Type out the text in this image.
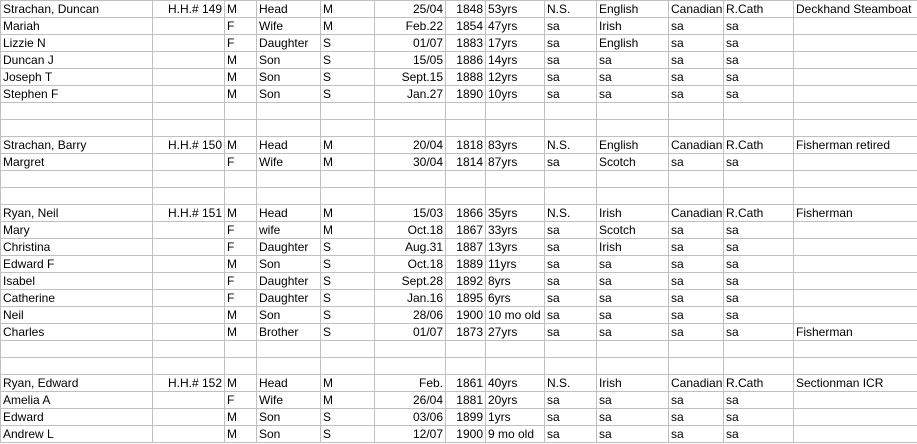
Strachan, Duncan	H.H.# 149	M	Head	M	25/04	1848	53yrs	N.S.	English	Canadian	R.Cath	Deckhand Steamboat
Mariah		F	Wife	M	Feb.22	1854	47yrs	sa	Irish	sa	sa	
Lizzie N		F	Daughter	S	01/07	1883	17yrs	sa	English	sa	sa	
Duncan J		M	Son	S	15/05	1886	14yrs	sa	sa	sa	sa	
Joseph T		M	Son	S	Sept.15	1888	12yrs	sa	sa	sa	sa	
Stephen F		M	Son	S	Jan.27	1890	10yrs	sa	sa	sa	sa	

Strachan, Barry	H.H.# 150	M	Head	M	20/04	1818	83yrs	N.S.	English	Canadian	R.Cath	Fisherman retired
Margret		F	Wife	M	30/04	1814	87yrs	sa	Scotch	sa	sa	

Ryan, Neil	H.H.# 151	M	Head	M	15/03	1866	35yrs	N.S.	Irish	Canadian	R.Cath	Fisherman
Mary		F	wife	M	Oct.18	1867	33yrs	sa	Scotch	sa	sa	
Christina		F	Daughter	S	Aug.31	1887	13yrs	sa	Irish	sa	sa	
Edward F		M	Son	S	Oct.18	1889	11yrs	sa	sa	sa	sa	
Isabel		F	Daughter	S	Sept.28	1892	8yrs	sa	sa	sa	sa	
Catherine		F	Daughter	S	Jan.16	1895	6yrs	sa	sa	sa	sa	
Neil		M	Son	S	28/06	1900	10 mo old	sa	sa	sa	sa	
Charles		M	Brother	S	01/07	1873	27yrs	sa	sa	sa	sa	Fisherman

Ryan, Edward	H.H.# 152	M	Head	M	Feb.	1861	40yrs	N.S.	Irish	Canadian	R.Cath	Sectionman ICR
Amelia A		F	Wife	M	26/04	1881	20yrs	sa	sa	sa	sa	
Edward		M	Son	S	03/06	1899	1yrs	sa	sa	sa	sa	
Andrew L		M	Son	S	12/07	1900	9 mo old	sa	sa	sa	sa	
